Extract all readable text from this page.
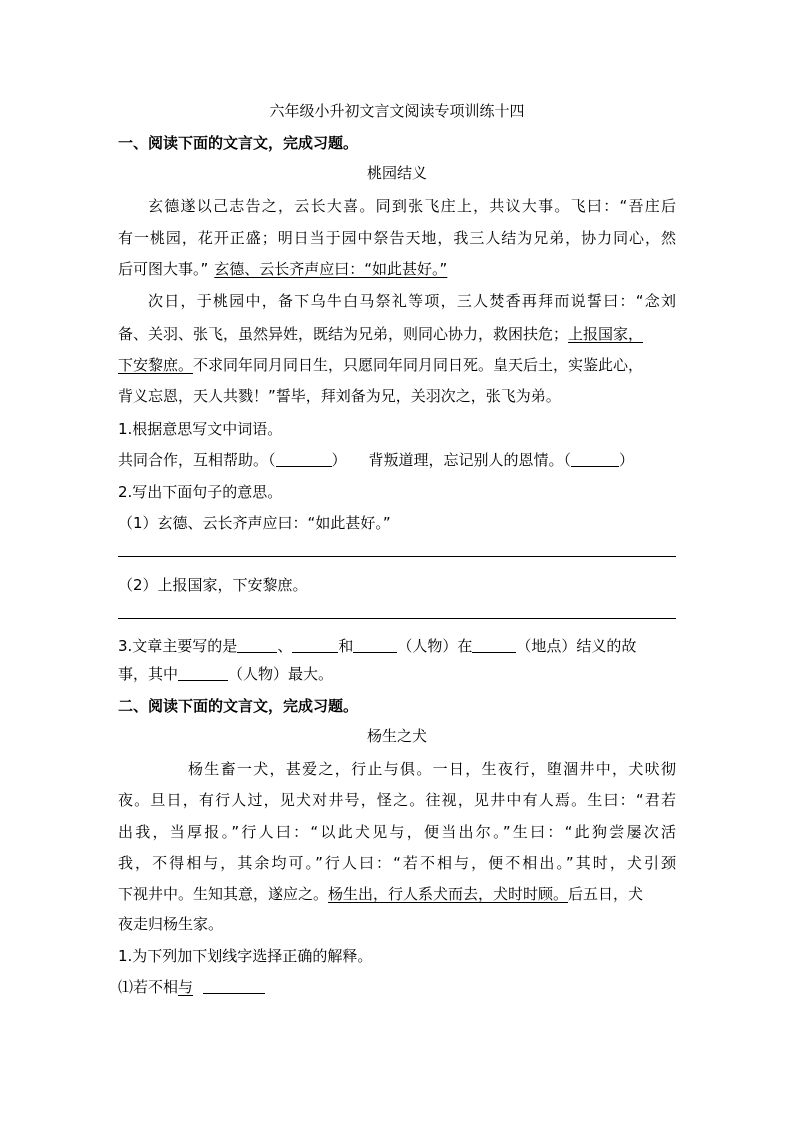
六年级小升初文言文阅读专项训练十四
一、阅读下面的文言文，完成习题。
桃园结义
玄德遂以己志告之，云长大喜。同到张飞庄上，共议大事。飞曰：“吾庄后
有一桃园，花开正盛；明日当于园中祭告天地，我三人结为兄弟，协力同心，然
后可图大事。” 玄德、云长齐声应曰：“如此甚好。”
次日，于桃园中，备下乌牛白马祭礼等项，三人焚香再拜而说誓曰：“念刘
备、关羽、张飞，虽然异姓，既结为兄弟，则同心协力，救困扶危；上报国家，
下安黎庶。不求同年同月同日生，只愿同年同月同日死。皇天后土，实鉴此心，
背义忘恩，天人共戮！”誓毕，拜刘备为兄，关羽次之，张飞为弟。
1.根据意思写文中词语。
共同合作，互相帮助。（	） 背叛道理，忘记别人的恩情。（	）
2.写出下面句子的意思。
（1）玄德、云长齐声应曰：“如此甚好。”
（2）上报国家，下安黎庶。
3.文章主要写的是	、	和	（人物）在	（地点）结义的故
事，其中	（人物）最大。
二、阅读下面的文言文，完成习题。
杨生之犬
杨生畜一犬，甚爱之，行止与俱。一日，生夜行，堕涸井中，犬吠彻
夜。旦日，有行人过，见犬对井号，怪之。往视，见井中有人焉。生曰：“君若
出我，当厚报。”行人曰：“以此犬见与，便当出尔。”生曰：“此狗尝屡次活
我，不得相与，其余均可。”行人曰：“若不相与，便不相出。”其时，犬引颈
下视井中。生知其意，遂应之。杨生出，行人系犬而去，犬时时顾。后五日，犬
夜走归杨生家。
1.为下列加下划线字选择正确的解释。
⑴若不相与
